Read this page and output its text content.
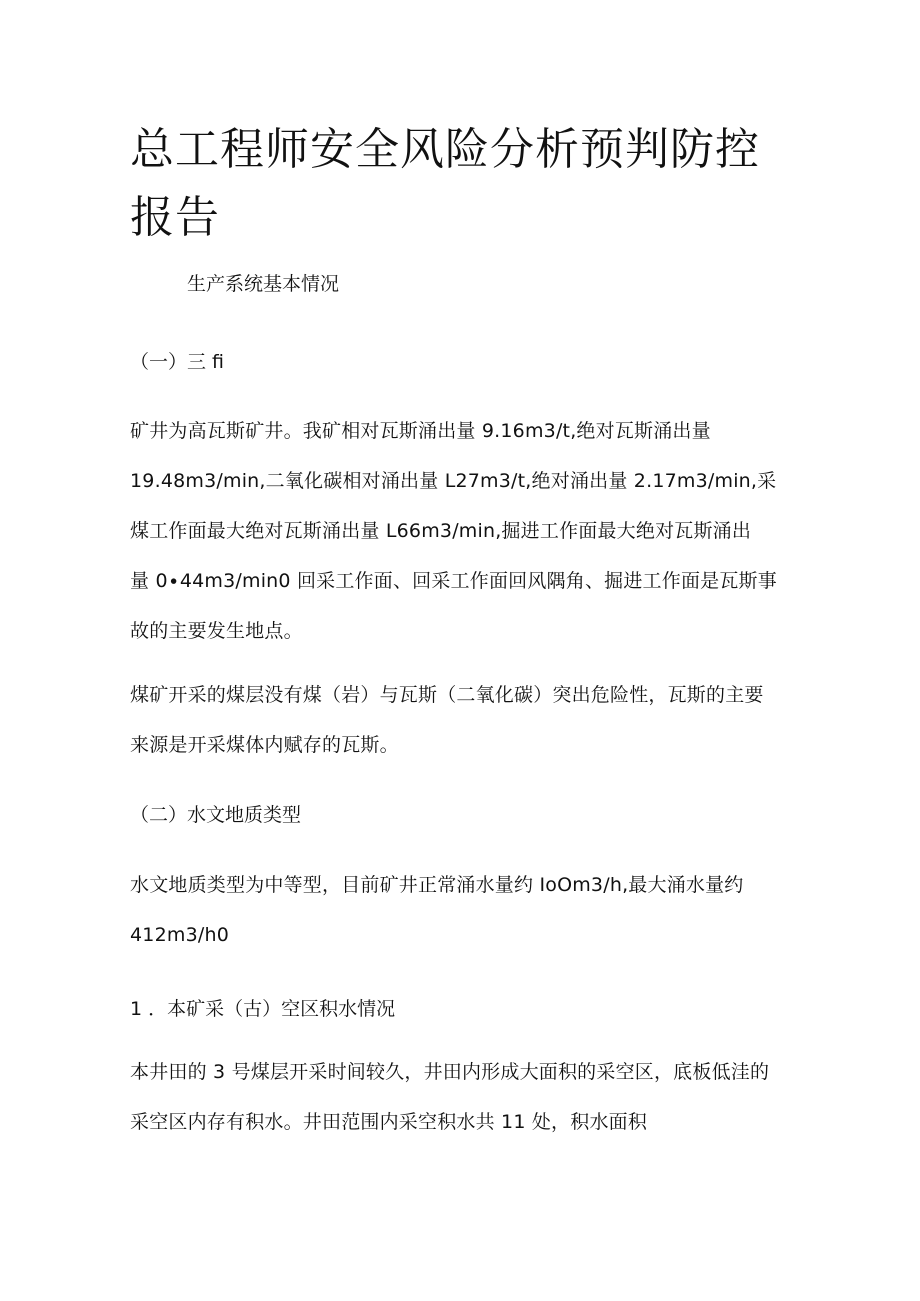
总工程师安全风险分析预判防控报告

生产系统基本情况

（一）三 fi

矿井为高瓦斯矿井。我矿相对瓦斯涌出量 9.16m3∕t,绝对瓦斯涌出量
19.48m3∕min,二氧化碳相对涌出量 L27m3∕t,绝对涌出量 2.17m3∕min,采
煤工作面最大绝对瓦斯涌出量 L66m3∕min,掘进工作面最大绝对瓦斯涌出
量 0∙44m3∕min0 回采工作面、回采工作面回风隅角、掘进工作面是瓦斯事
故的主要发生地点。
煤矿开采的煤层没有煤（岩）与瓦斯（二氧化碳）突出危险性，瓦斯的主要
来源是开采煤体内赋存的瓦斯。

（二）水文地质类型

水文地质类型为中等型，目前矿井正常涌水量约 IoOm3/h,最大涌水量约
412m3∕h0

1 ．本矿采（古）空区积水情况

本井田的 3 号煤层开采时间较久，井田内形成大面积的采空区，底板低洼的
采空区内存有积水。井田范围内采空积水共 11 处，积水面积
